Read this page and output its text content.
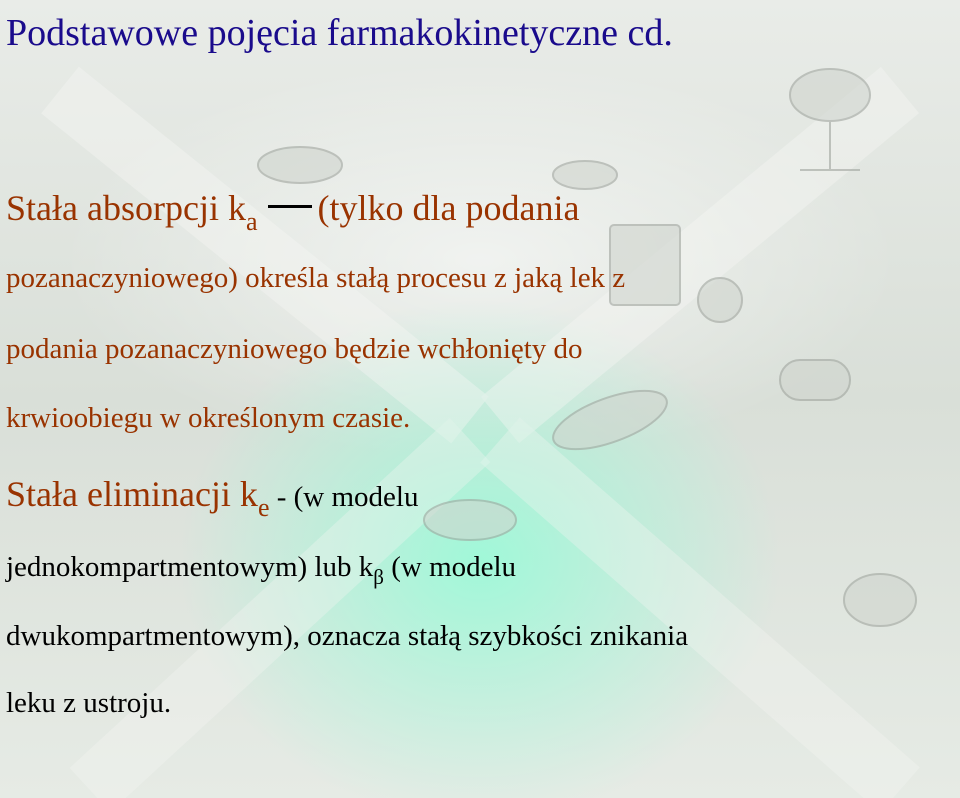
Podstawowe pojęcia farmakokinetyczne cd.

Stała absorpcji $k_a$ (tylko dla podania

pozanaczyniowego) określa stałą procesu z jaką lek z

podania pozanaczyniowego będzie wchłonięty do

krwioobiegu w określonym czasie.

Stała eliminacji $k_e - (w$ modelu

jednokompartmentowym) lub $k_\beta$ (w modelu

dwukompartmentowym), oznacza stałą szybkości znikania

leku z ustroju.
